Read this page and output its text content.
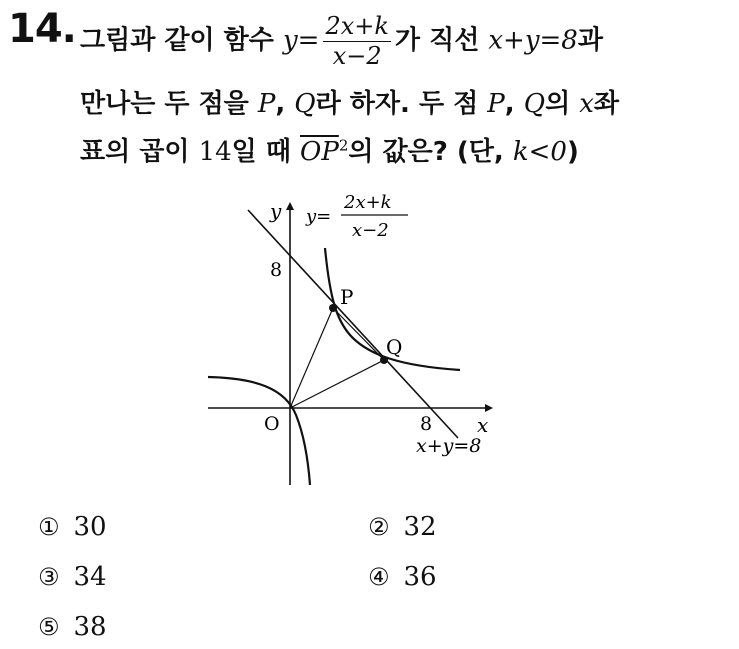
14. 그림과 같이 함수 $y= \frac{2x+k}{x-2}$ 가 직선 x+y=8과
만나는 두 점을 P, Q라 하자. 두 점 P, Q의 x좌
표의 곱이 14일 때 $\overline{OP}^2$의 값은? (단, k<0)
y
x
O
8
8
P
Q
y=
2x+k
x−2
x+y=8
① 30	② 32
③ 34	④ 36
⑤ 38
